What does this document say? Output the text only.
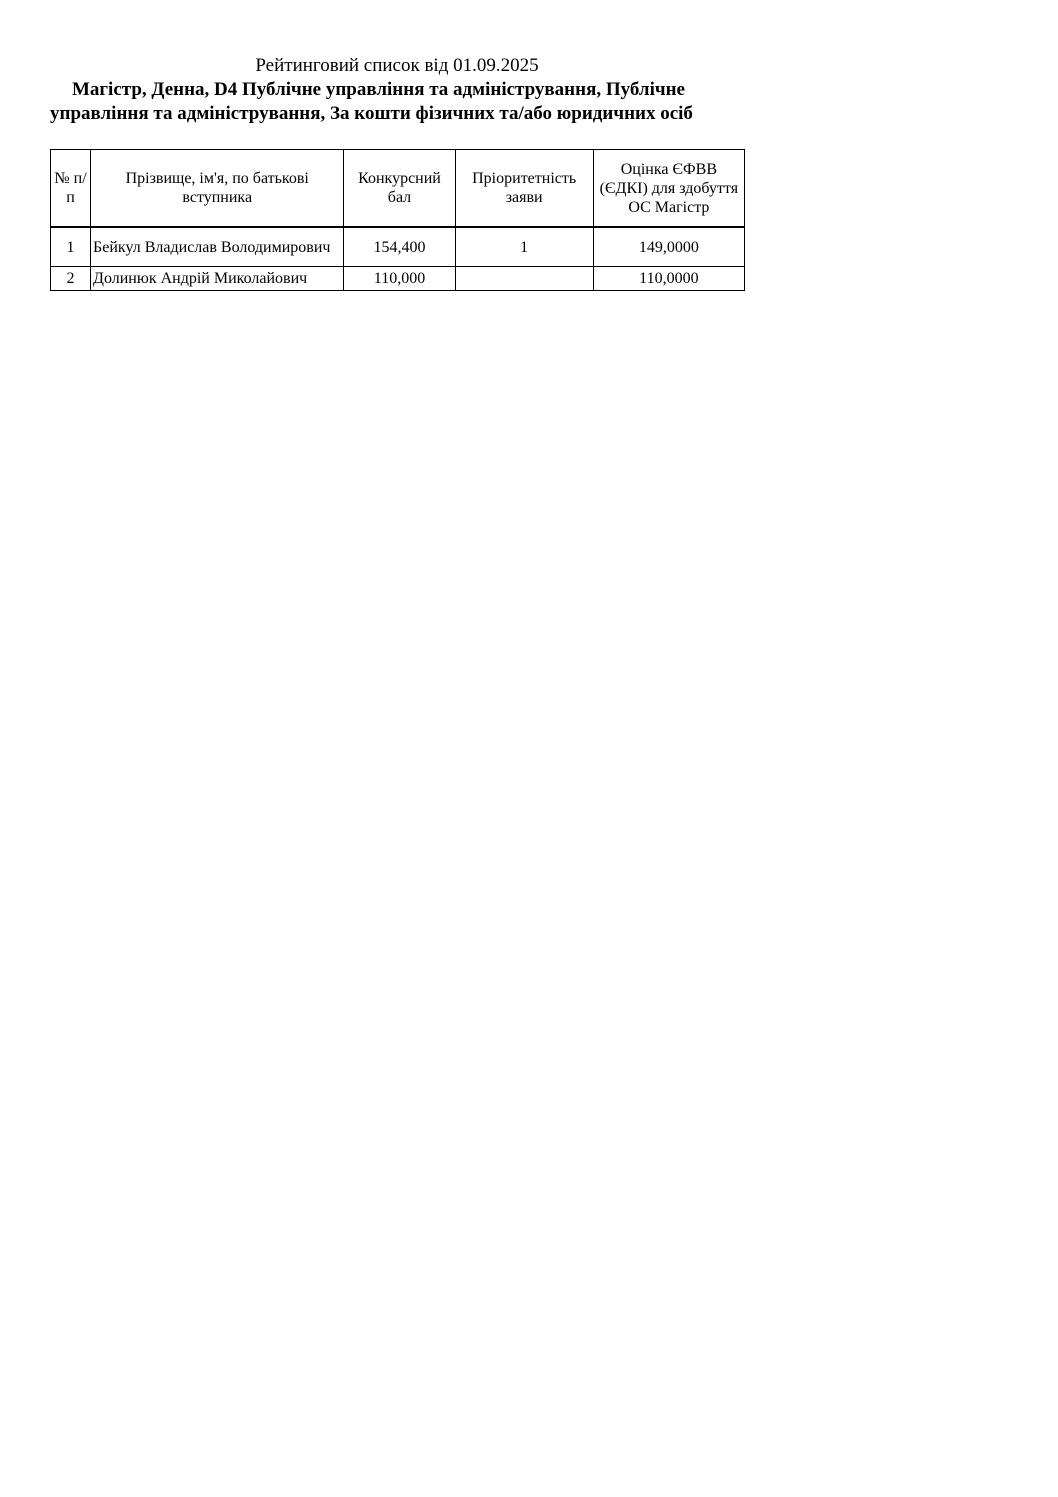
Рейтинговий список від 01.09.2025
Магістр, Денна, D4 Публічне управління та адміністрування, Публічне управління та адміністрування, За кошти фізичних та/або юридичних осіб
№ п/п	Прізвище, ім'я, по батькові вступника	Конкурсний бал	Пріоритетність заяви	Оцінка ЄФВВ (ЄДКІ) для здобуття ОС Магістр
1	Бейкул Владислав Володимирович	154,400	1	149,0000
2	Долинюк Андрій Миколайович	110,000		110,0000
